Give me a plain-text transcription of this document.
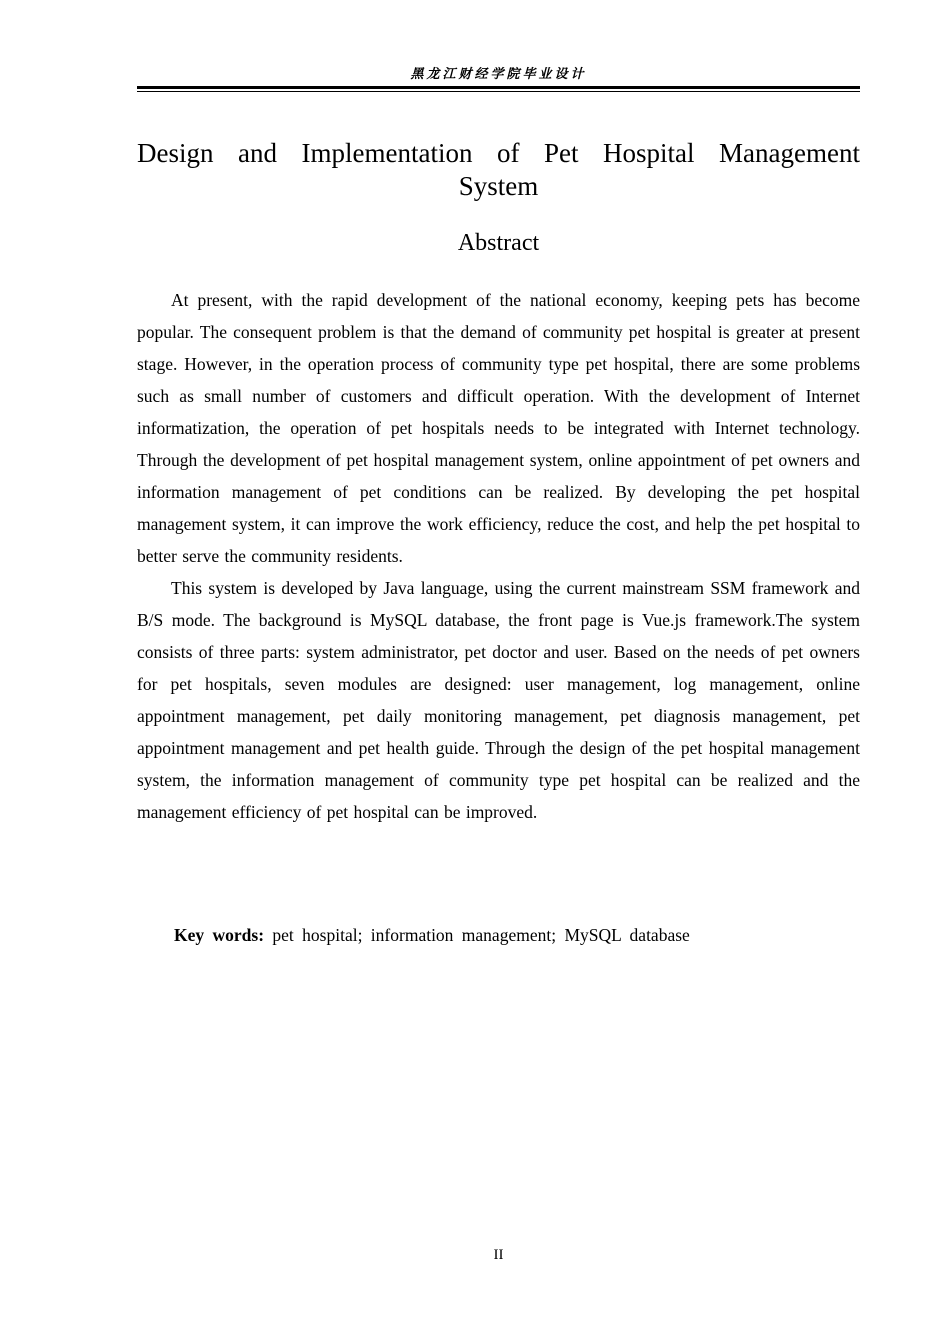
黑龙江财经学院毕业设计
Design and Implementation of Pet Hospital Management System
Abstract

At present, with the rapid development of the national economy, keeping pets has become popular. The consequent problem is that the demand of community pet hospital is greater at present stage. However, in the operation process of community type pet hospital, there are some problems such as small number of customers and difficult operation. With the development of Internet informatization, the operation of pet hospitals needs to be integrated with Internet technology. Through the development of pet hospital management system, online appointment of pet owners and information management of pet conditions can be realized. By developing the pet hospital management system, it can improve the work efficiency, reduce the cost, and help the pet hospital to better serve the community residents.

This system is developed by Java language, using the current mainstream SSM framework and B/S mode. The background is MySQL database, the front page is Vue.js framework.The system consists of three parts: system administrator, pet doctor and user. Based on the needs of pet owners for pet hospitals, seven modules are designed: user management, log management, online appointment management, pet daily monitoring management, pet diagnosis management, pet appointment management and pet health guide. Through the design of the pet hospital management system, the information management of community type pet hospital can be realized and the management efficiency of pet hospital can be improved.

Key words: pet hospital; information management; MySQL database
II
